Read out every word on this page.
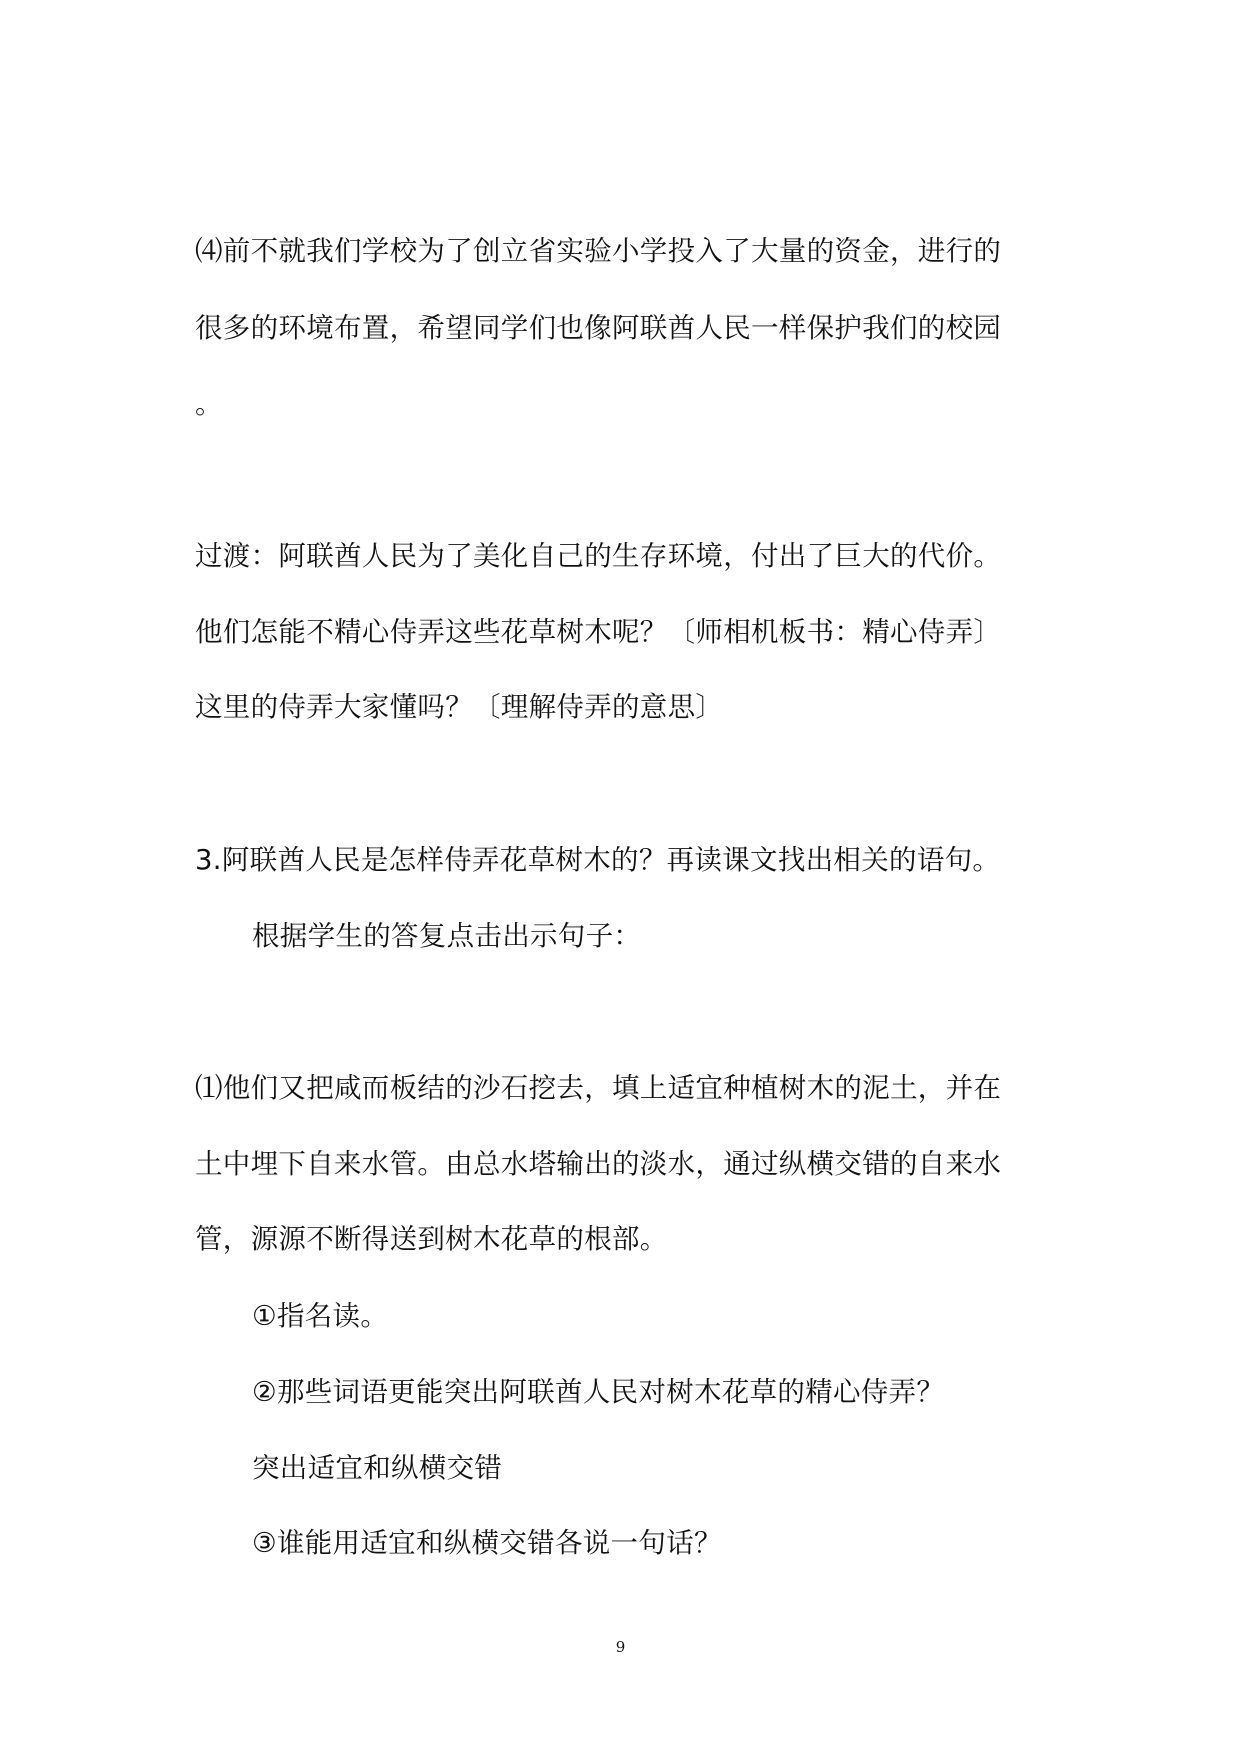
⑷前不就我们学校为了创立省实验小学投入了大量的资金，进行的
很多的环境布置，希望同学们也像阿联酋人民一样保护我们的校园
。
过渡：阿联酋人民为了美化自己的生存环境，付出了巨大的代价。
他们怎能不精心侍弄这些花草树木呢？〔师相机板书：精心侍弄〕
这里的侍弄大家懂吗？〔理解侍弄的意思〕
3.阿联酋人民是怎样侍弄花草树木的？再读课文找出相关的语句。
根据学生的答复点击出示句子：
⑴他们又把咸而板结的沙石挖去，填上适宜种植树木的泥土，并在
土中埋下自来水管。由总水塔输出的淡水，通过纵横交错的自来水
管，源源不断得送到树木花草的根部。
①指名读。
②那些词语更能突出阿联酋人民对树木花草的精心侍弄？
突出适宜和纵横交错
③谁能用适宜和纵横交错各说一句话？
9
